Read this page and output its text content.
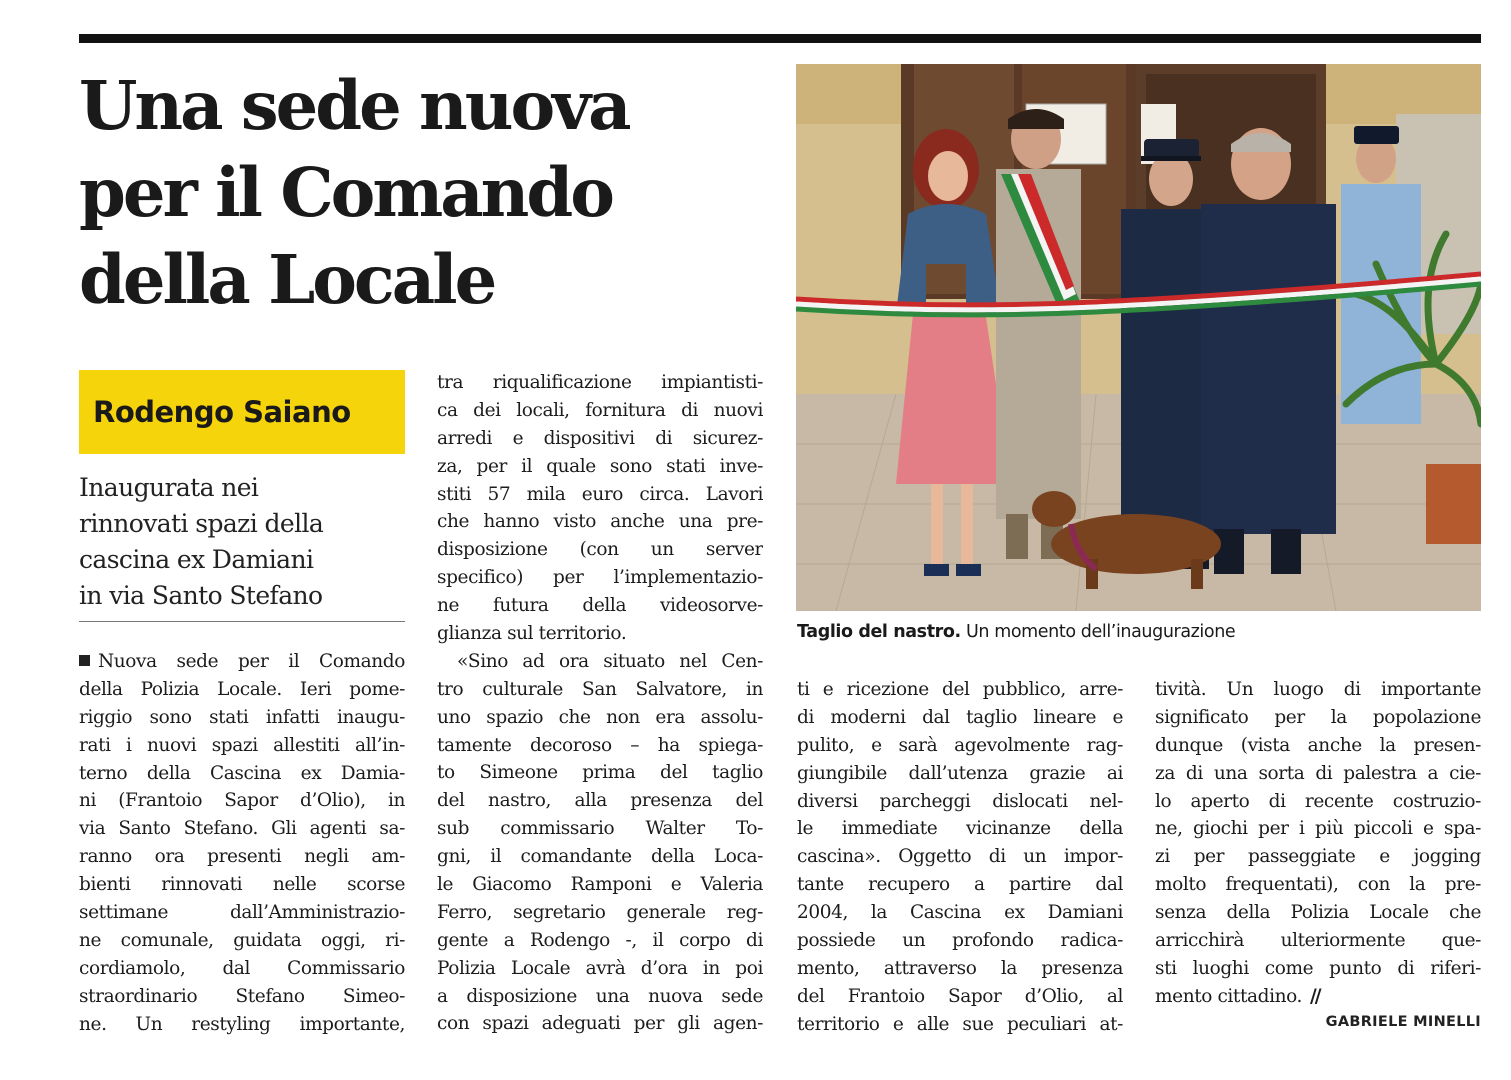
Una sede nuova
per il Comando
della Locale
Rodengo Saiano
Inaugurata nei
rinnovati spazi della
cascina ex Damiani
in via Santo Stefano
Nuova sede per il Comando
della Polizia Locale. Ieri pome-
riggio sono stati infatti inaugu-
rati i nuovi spazi allestiti all’in-
terno della Cascina ex Damia-
ni (Frantoio Sapor d’Olio), in
via Santo Stefano. Gli agenti sa-
ranno ora presenti negli am-
bienti rinnovati nelle scorse
settimane dall’Amministrazio-
ne comunale, guidata oggi, ri-
cordiamolo, dal Commissario
straordinario Stefano Simeo-
ne. Un restyling importante,
tra riqualificazione impiantisti-
ca dei locali, fornitura di nuovi
arredi e dispositivi di sicurez-
za, per il quale sono stati inve-
stiti 57 mila euro circa. Lavori
che hanno visto anche una pre-
disposizione (con un server
specifico) per l’implementazio-
ne futura della videosorve-
glianza sul territorio.
«Sino ad ora situato nel Cen-
tro culturale San Salvatore, in
uno spazio che non era assolu-
tamente decoroso – ha spiega-
to Simeone prima del taglio
del nastro, alla presenza del
sub commissario Walter To-
gni, il comandante della Loca-
le Giacomo Ramponi e Valeria
Ferro, segretario generale reg-
gente a Rodengo -, il corpo di
Polizia Locale avrà d’ora in poi
a disposizione una nuova sede
con spazi adeguati per gli agen-
Taglio del nastro. Un momento dell’inaugurazione
ti e ricezione del pubblico, arre-
di moderni dal taglio lineare e
pulito, e sarà agevolmente rag-
giungibile dall’utenza grazie ai
diversi parcheggi dislocati nel-
le immediate vicinanze della
cascina». Oggetto di un impor-
tante recupero a partire dal
2004, la Cascina ex Damiani
possiede un profondo radica-
mento, attraverso la presenza
del Frantoio Sapor d’Olio, al
territorio e alle sue peculiari at-
tività. Un luogo di importante
significato per la popolazione
dunque (vista anche la presen-
za di una sorta di palestra a cie-
lo aperto di recente costruzio-
ne, giochi per i più piccoli e spa-
zi per passeggiate e jogging
molto frequentati), con la pre-
senza della Polizia Locale che
arricchirà ulteriormente que-
sti luoghi come punto di riferi-
mento cittadino. //
GABRIELE MINELLI
